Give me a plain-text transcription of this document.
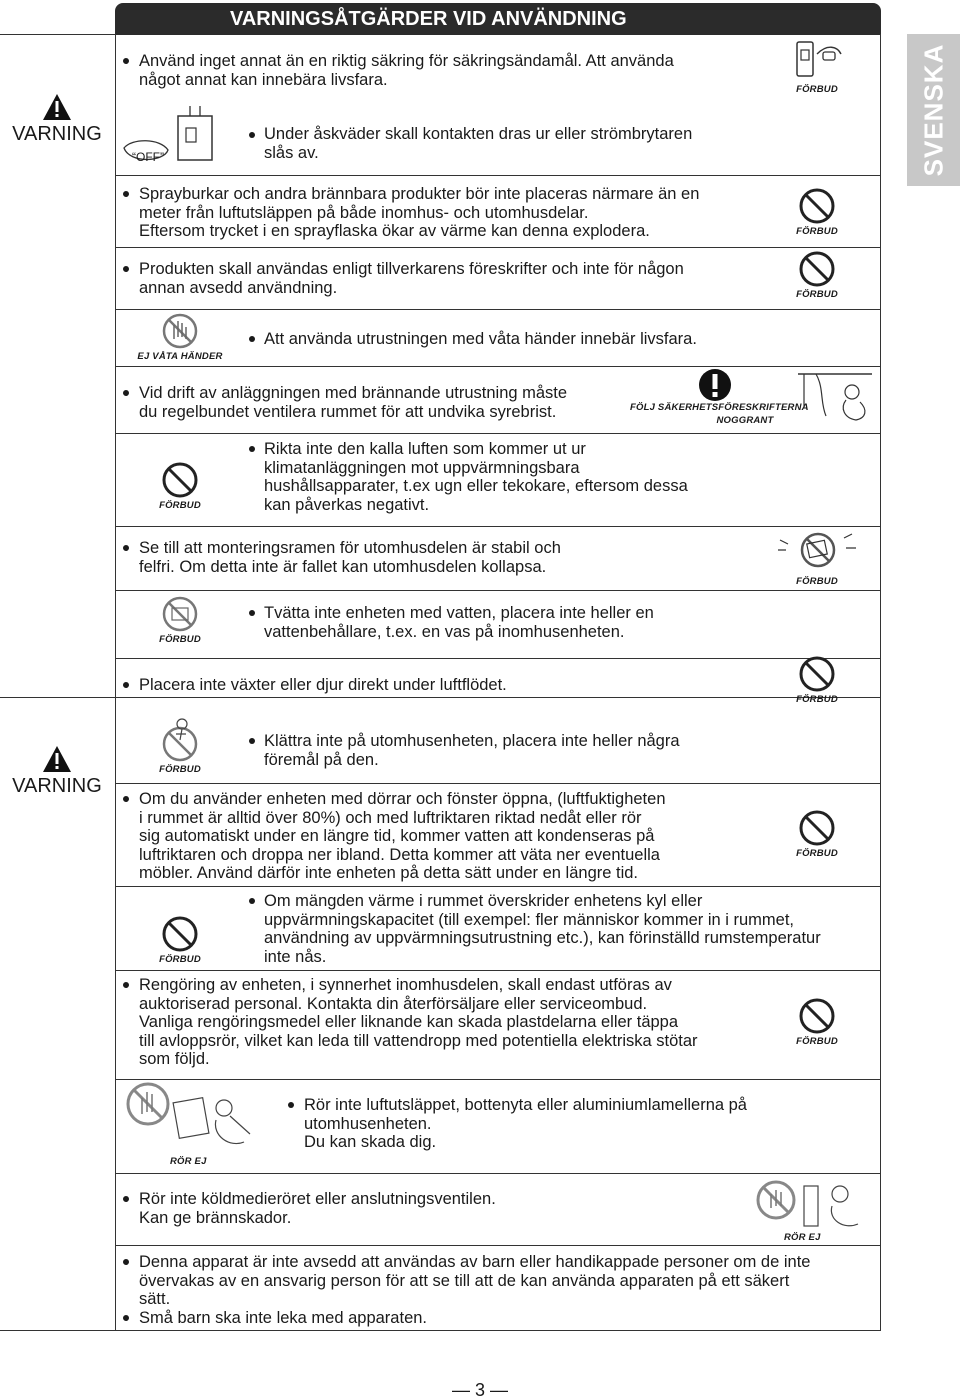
VARNINGSÅTGÄRDER VID ANVÄNDNING
SVENSKA
VARNING
VARNING
Använd inget annat än en riktig säkring för säkringsändamål. Att använda
något annat kan innebära livsfara.
Under åskväder skall kontakten dras ur eller strömbrytaren
slås av.
Sprayburkar och andra brännbara produkter bör inte placeras närmare än en
meter från luftutsläppen på både inomhus- och utomhusdelar.
Eftersom trycket i en sprayflaska ökar av värme kan denna explodera.
Produkten skall användas enligt tillverkarens föreskrifter och inte för någon
annan avsedd användning.
Att använda utrustningen med våta händer innebär livsfara.
Vid drift av anläggningen med brännande utrustning måste
du regelbundet ventilera rummet för att undvika syrebrist.
Rikta inte den kalla luften som kommer ut ur
klimatanläggningen mot uppvärmningsbara
hushållsapparater, t.ex ugn eller tekokare, eftersom dessa
kan påverkas negativt.
Se till att monteringsramen för utomhusdelen är stabil och
felfri. Om detta inte är fallet kan utomhusdelen kollapsa.
Tvätta inte enheten med vatten, placera inte heller en
vattenbehållare, t.ex. en vas på inomhusenheten.
Placera inte växter eller djur direkt under luftflödet.
Klättra inte på utomhusenheten, placera inte heller några
föremål på den.
Om du använder enheten med dörrar och fönster öppna, (luftfuktigheten
i rummet är alltid över 80%) och med luftriktaren riktad nedåt eller rör
sig automatiskt under en längre tid, kommer vatten att kondenseras på
luftriktaren och droppa ner ibland. Detta kommer att väta ner eventuella
möbler. Använd därför inte enheten på detta sätt under en längre tid.
Om mängden värme i rummet överskrider enhetens kyl eller
uppvärmningskapacitet (till exempel: fler människor kommer in i rummet,
användning av uppvärmningsutrustning etc.), kan förinställd rumstemperatur
inte nås.
Rengöring av enheten, i synnerhet inomhusdelen, skall endast utföras av
auktoriserad personal. Kontakta din återförsäljare eller serviceombud.
Vanliga rengöringsmedel eller liknande kan skada plastdelarna eller täppa
till avloppsrör, vilket kan leda till vattendropp med potentiella elektriska stötar
som följd.
Rör inte luftutsläppet, bottenyta eller aluminiumlamellerna på
utomhusenheten.
Du kan skada dig.
Rör inte köldmedieröret eller anslutningsventilen.
Kan ge brännskador.
Denna apparat är inte avsedd att användas av barn eller handikappade personer om de inte
övervakas av en ansvarig person för att se till att de kan använda apparaten på ett säkert
sätt.
Små barn ska inte leka med apparaten.
FÖRBUD
“OFF”
FÖRBUD
FÖRBUD
EJ VÅTA HÄNDER
FÖLJ SÄKERHETSFÖRESKRIFTERNA
NOGGRANT
FÖRBUD
FÖRBUD
FÖRBUD
FÖRBUD
FÖRBUD
FÖRBUD
FÖRBUD
FÖRBUD
RÖR EJ
RÖR EJ
— 3 —
